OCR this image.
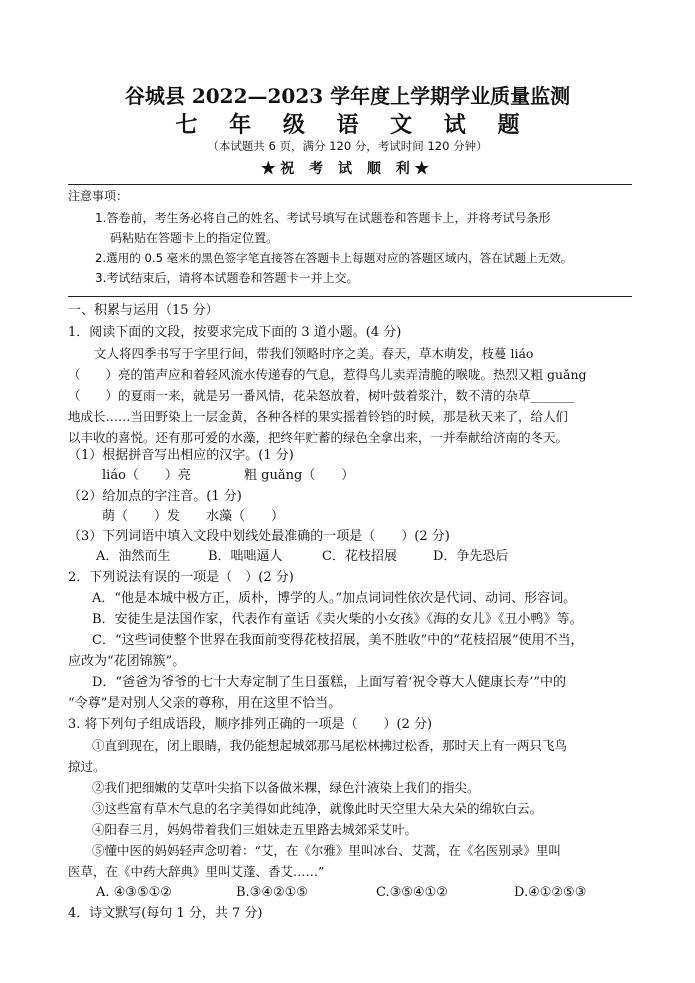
谷城县 2022—2023 学年度上学期学业质量监测
七 年 级 语 文 试 题
（本试题共 6 页，满分 120 分，考试时间 120 分钟）
★祝 考 试 顺 利★
注意事项：
1.答卷前，考生务必将自己的姓名、考试号填写在试题卷和答题卡上，并将考试号条形
码粘贴在答题卡上的指定位置。
2.選用的 0.5 毫米的黑色签字笔直接答在答题卡上每题对应的答题区域内，答在试题上无效。
3.考试结束后，请将本试题卷和答题卡一并上交。
一、积累与运用（15 分）
1．阅读下面的文段，按要求完成下面的 3 道小题。(4 分)
文人将四季书写于字里行间，带我们领略时序之美。春天，草木萌发，枝蔓 liáo
（　　）亮的笛声应和着轻风流水传递春的气息，惹得鸟儿卖弄清脆的喉咙。热烈又粗 guǎng
（　　）的夏雨一来，就是另一番风情，花朵怒放着，树叶鼓着浆汁，数不清的杂草_______
地成长……当田野染上一层金黄，各种各样的果实摇着铃铛的时候，那是秋天来了，给人们
以丰收的喜悦。还有那可爱的水藻，把终年贮蓄的绿色全拿出来，一并奉献给济南的冬天。
（1）根据拼音写出相应的汉字。(1 分)
liáo（　　）亮	粗 guǎng（　　）
（2）给加点的字注音。(1 分)
萌（　　）发 水藻（　　）
（3）下列词语中填入文段中划线处最准确的一项是（　　）(2 分)
A．油然而生	B．咄咄逼人	C．花枝招展	D．争先恐后
2．下列说法有误的一项是（　）(2 分)
A．“他是本城中极方正，质朴，博学的人。”加点词词性依次是代词、动词、形容词。
B．安徒生是法国作家，代表作有童话《卖火柴的小女孩》《海的女儿》《丑小鸭》等。
C．“这些词使整个世界在我面前变得花枝招展，美不胜收”中的“花枝招展”使用不当，
应改为“花团锦簇”。
D．“爸爸为爷爷的七十大寿定制了生日蛋糕，上面写着‘祝令尊大人健康长寿’”中的
“令尊”是对别人父亲的尊称，用在这里不恰当。
3. 将下列句子组成语段，顺序排列正确的一项是（　　）(2 分)
①直到现在，闭上眼睛，我仍能想起城郊那马尾松林拂过松香，那时天上有一两只飞鸟
掠过。
②我们把细嫩的艾草叶尖掐下以备做米粿，绿色汁液染上我们的指尖。
③这些富有草木气息的名字美得如此纯净，就像此时天空里大朵大朵的绵软白云。
④阳春三月，妈妈带着我们三姐妹走五里路去城郊采艾叶。
⑤懂中医的妈妈轻声念叨着：“艾，在《尔雅》里叫冰台、艾蒿，在《名医别录》里叫
医草，在《中药大辞典》里叫艾蓬、香艾……”
A. ④③⑤①②	B.③④②①⑤	C.③⑤④①②	D.④①②⑤③
4．诗文默写(每句 1 分，共 7 分)
